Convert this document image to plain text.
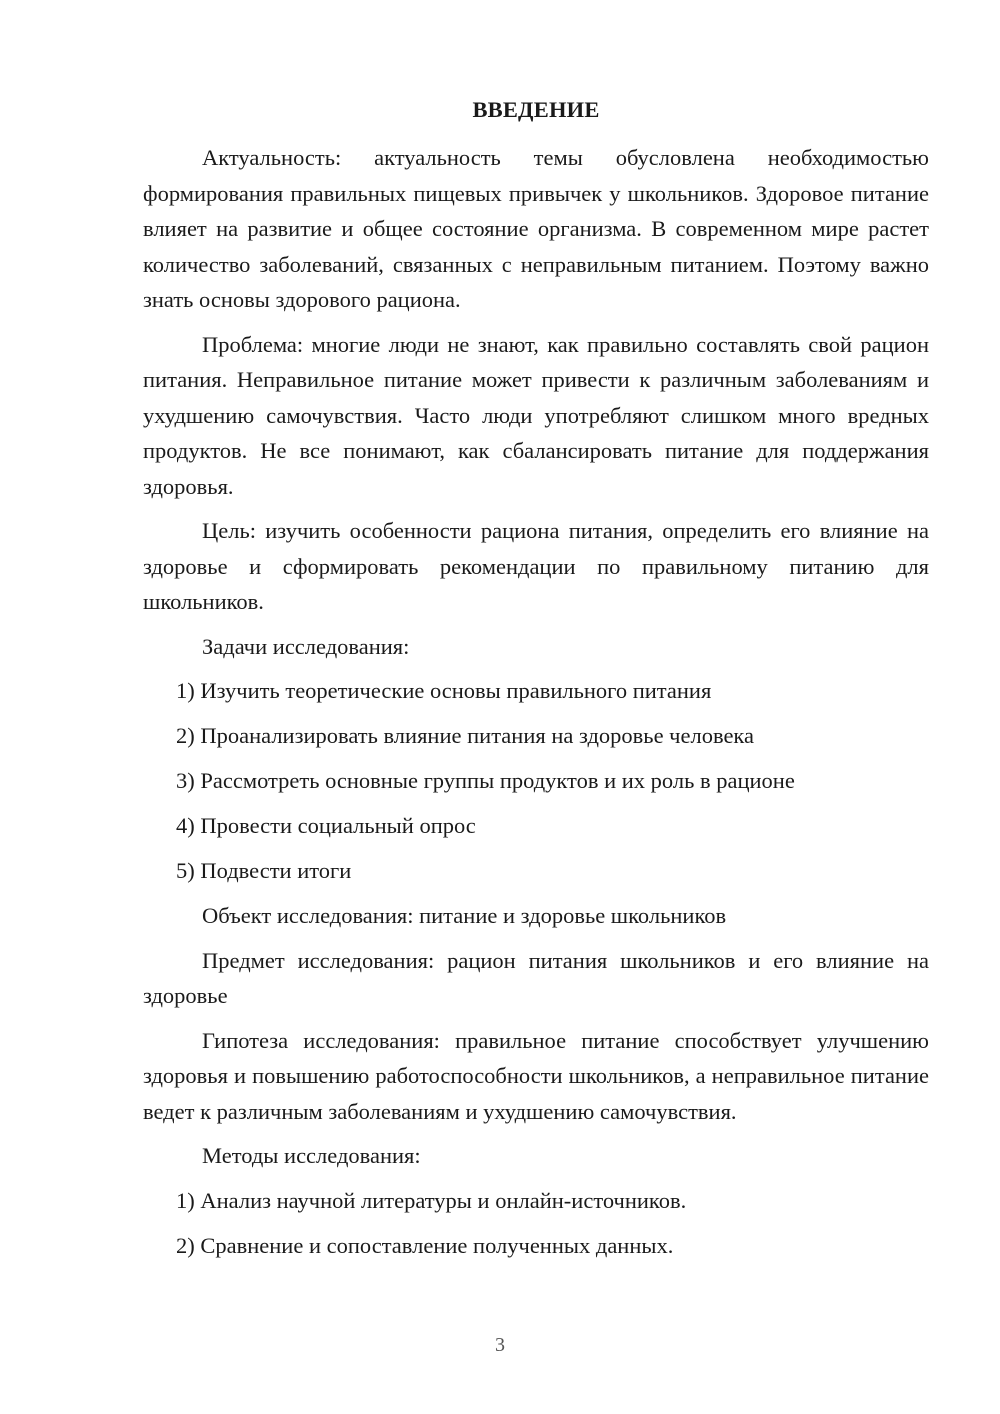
ВВЕДЕНИЕ

Актуальность: актуальность темы обусловлена необходимостью формирования правильных пищевых привычек у школьников. Здоровое питание влияет на развитие и общее состояние организма. В современном мире растет количество заболеваний, связанных с неправильным питанием. Поэтому важно знать основы здорового рациона.

Проблема: многие люди не знают, как правильно составлять свой рацион питания. Неправильное питание может привести к различным заболеваниям и ухудшению самочувствия. Часто люди употребляют слишком много вредных продуктов. Не все понимают, как сбалансировать питание для поддержания здоровья.

Цель: изучить особенности рациона питания, определить его влияние на здоровье и сформировать рекомендации по правильному питанию для школьников.

Задачи исследования:

1) Изучить теоретические основы правильного питания
2) Проанализировать влияние питания на здоровье человека
3) Рассмотреть основные группы продуктов и их роль в рационе
4) Провести социальный опрос
5) Подвести итоги

Объект исследования: питание и здоровье школьников

Предмет исследования: рацион питания школьников и его влияние на здоровье

Гипотеза исследования: правильное питание способствует улучшению здоровья и повышению работоспособности школьников, а неправильное питание ведет к различным заболеваниям и ухудшению самочувствия.

Методы исследования:

1) Анализ научной литературы и онлайн-источников.
2) Сравнение и сопоставление полученных данных.
3
